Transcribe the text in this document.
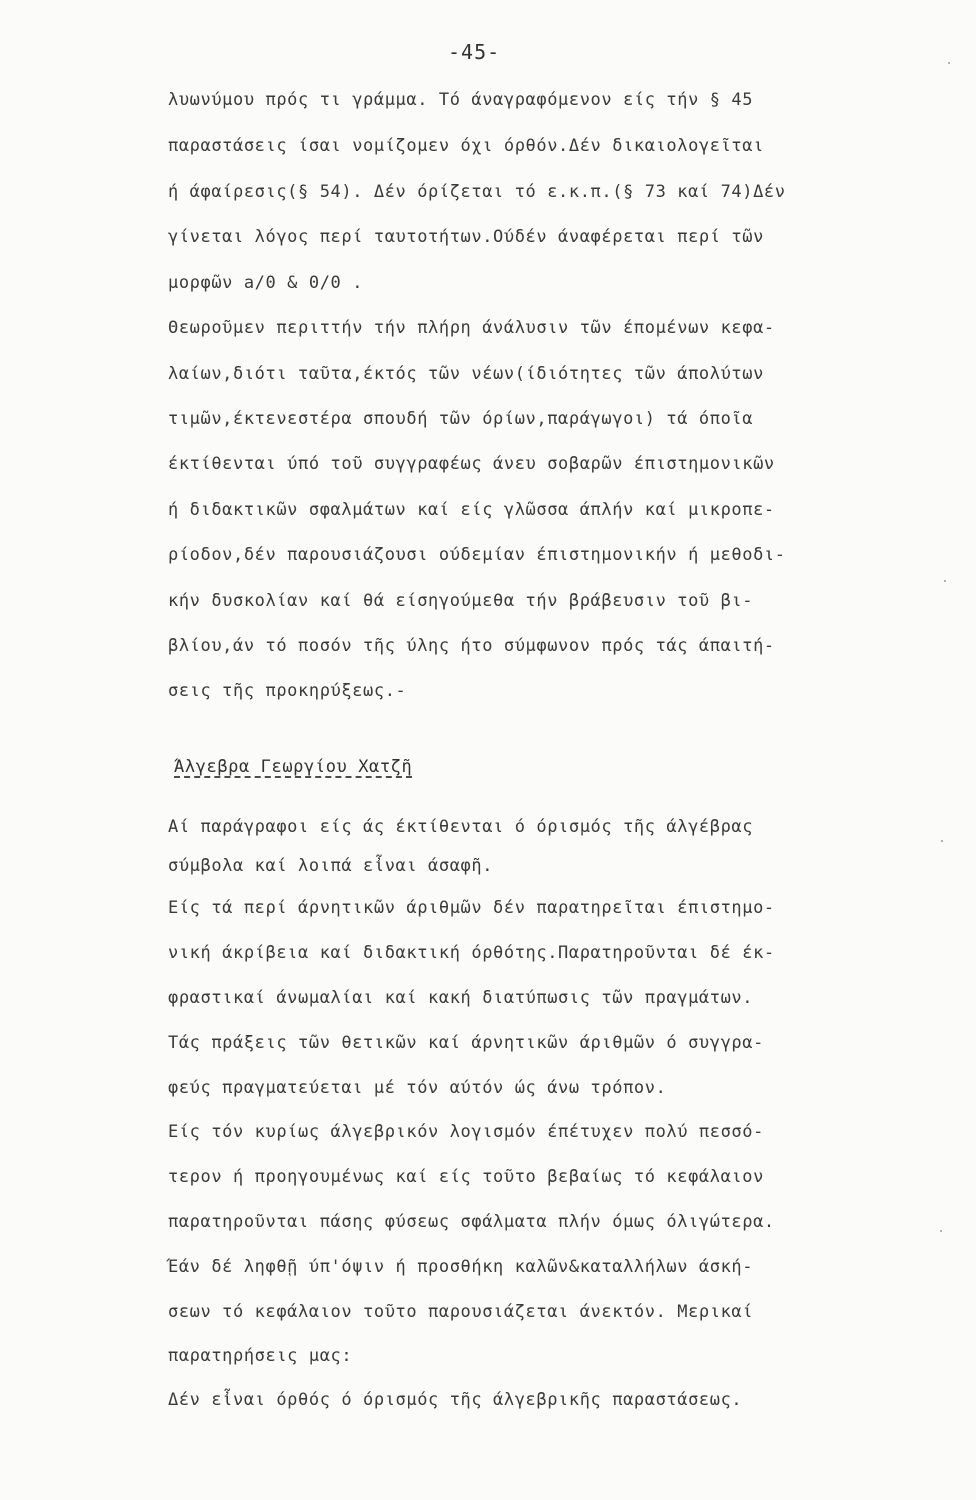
-45-
λυωνύμου πρός τι γράμμα. Τό άναγραφόμενον είς τήν § 45
παραστάσεις ίσαι νομίζομεν όχι όρθόν.Δέν δικαιολογεῖται
ή άφαίρεσις(§ 54). Δέν όρίζεται τό ε.κ.π.(§ 73 καί 74)Δέν
γίνεται λόγος περί ταυτοτήτων.Ούδέν άναφέρεται περί τῶν
μορφῶν a/0 & 0/0 .
Θεωροῦμεν περιττήν τήν πλήρη άνάλυσιν τῶν έπομένων κεφα-
λαίων,διότι ταῦτα,έκτός τῶν νέων(ίδιότητες τῶν άπολύτων
τιμῶν,έκτενεστέρα σπουδή τῶν όρίων,παράγωγοι) τά όποῖα
έκτίθενται ύπό τοῦ συγγραφέως άνευ σοβαρῶν έπιστημονικῶν
ή διδακτικῶν σφαλμάτων καί είς γλῶσσα άπλήν καί μικροπε-
ρίοδον,δέν παρουσιάζουσι ούδεμίαν έπιστημονικήν ή μεθοδι-
κήν δυσκολίαν καί θά είσηγούμεθα τήν βράβευσιν τοῦ βι-
βλίου,άν τό ποσόν τῆς ύλης ήτο σύμφωνον πρός τάς άπαιτή-
σεις τῆς προκηρύξεως.-
Άλγεβρα Γεωργίου Χατζῆ
Αί παράγραφοι είς άς έκτίθενται ό όρισμός τῆς άλγέβρας
σύμβολα καί λοιπά εἶναι άσαφῆ.
Είς τά περί άρνητικῶν άριθμῶν δέν παρατηρεῖται έπιστημο-
νική άκρίβεια καί διδακτική όρθότης.Παρατηροῦνται δέ έκ-
φραστικαί άνωμαλίαι καί κακή διατύπωσις τῶν πραγμάτων.
Τάς πράξεις τῶν θετικῶν καί άρνητικῶν άριθμῶν ό συγγρα-
φεύς πραγματεύεται μέ τόν αύτόν ώς άνω τρόπον.
Είς τόν κυρίως άλγεβρικόν λογισμόν έπέτυχεν πολύ πεσσό-
τερον ή προηγουμένως καί είς τοῦτο βεβαίως τό κεφάλαιον
παρατηροῦνται πάσης φύσεως σφάλματα πλήν όμως όλιγώτερα.
Έάν δέ ληφθῇ ύπ'όψιν ή προσθήκη καλῶν&καταλλήλων άσκή-
σεων τό κεφάλαιον τοῦτο παρουσιάζεται άνεκτόν. Μερικαί
παρατηρήσεις μας:
Δέν εἶναι όρθός ό όρισμός τῆς άλγεβρικῆς παραστάσεως.
